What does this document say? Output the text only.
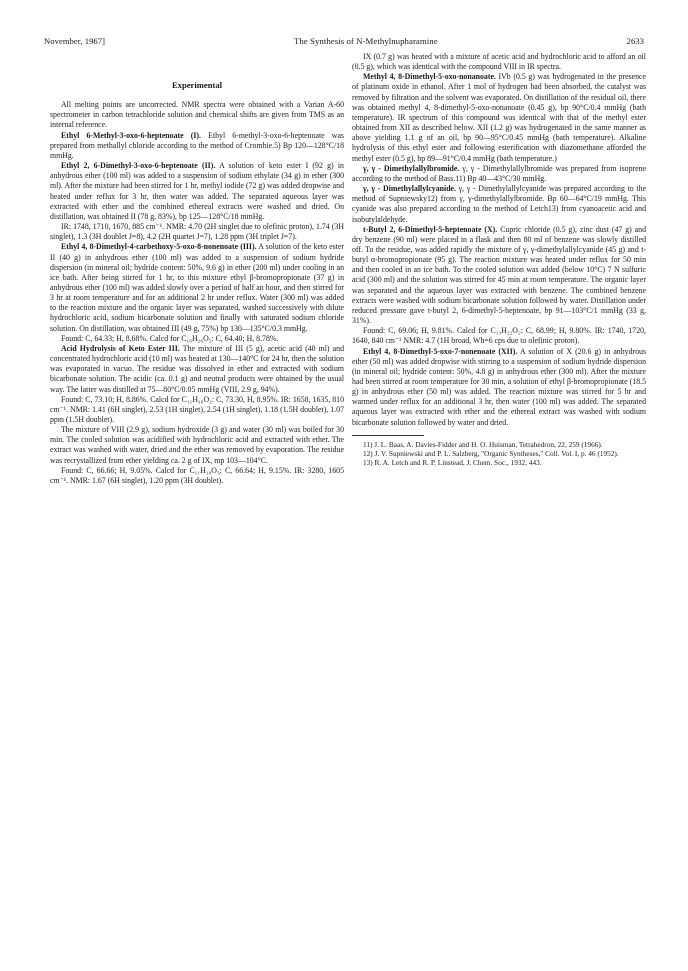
November, 1967]	The Synthesis of N-Methylnupharamine	2633
Experimental

All melting points are uncorrected. NMR spectra were obtained with a Varian A-60 spectrometer in carbon tetrachloride solution and chemical shifts are given from TMS as an internal reference.

Ethyl 6-Methyl-3-oxo-6-heptenoate (I). Ethyl 6-methyl-3-oxo-6-heptenoate was prepared from methallyl chloride according to the method of Crombie.5) Bp 120—128°C/18 mmHg.

Ethyl 2, 6-Dimethyl-3-oxo-6-heptenoate (II). A solution of keto ester I (92 g) in anhydrous ether (100 ml) was added to a suspension of sodium ethylate (34 g) in ether (300 ml). After the mixture had been stirred for 1 hr, methyl iodide (72 g) was added dropwise and heated under reflux for 3 hr, then water was added. The separated aqueous layer was extracted with ether and the combined ethereal extracts were washed and dried. On distillation, was obtained II (78 g, 83%), bp 125—128°C/18 mmHg.

IR: 1748, 1710, 1670, 885 cm⁻¹. NMR: 4.70 (2H singlet due to olefinic proton), 1.74 (3H singlet), 1.3 (3H doublet J=8), 4.2 (2H quartet J=7), 1.28 ppm (3H triplet J=7).

Ethyl 4, 8-Dimethyl-4-carbethoxy-5-oxo-8-nonenoate (III). A solution of the keto ester II (40 g) in anhydrous ether (100 ml) was added to a suspension of sodium hydride dispersion (in mineral oil; hydride content: 50%, 9.6 g) in ether (200 ml) under cooling in an ice bath. After being stirred for 1 hr, to this mixture ethyl β-bromopropionate (37 g) in anhydrous ether (100 ml) was added slowly over a period of half an hour, and then stirred for 3 hr at room temperature and for an additional 2 hr under reflux. Water (300 ml) was added to the reaction mixture and the organic layer was separated, washed successively with dilute hydrochloric acid, sodium bicarbonate solution and finally with saturated sodium chloride solution. On distillation, was obtained III (49 g, 75%) bp 130—135°C/0.3 mmHg.

Found: C, 64.33; H, 8.68%. Calcd for C₁₆H₂₆O₅: C, 64.40; H, 8.78%.

Acid Hydrolysis of Keto Ester III. The mixture of III (5 g), acetic acid (40 ml) and concentrated hydrochloric acid (10 ml) was heated at 130—140°C for 24 hr, then the solution was evaporated in vacuo. The residue was dissolved in ether and extracted with sodium bicarbonate solution. The acidic (ca. 0.1 g) and neutral products were obtained by the usual way. The latter was distilled at 75—80°C/0.05 mmHg (VIII, 2.9 g, 94%).

Found: C, 73.10; H, 8.86%. Calcd for C₁₁H₁₆O₂: C, 73.30, H, 8.95%. IR: 1658, 1635, 810 cm⁻¹. NMR: 1.41 (6H singlet), 2.53 (1H singlet), 2.54 (1H singlet), 1.18 (1.5H doublet), 1.07 ppm (1.5H doublet).

The mixture of VIII (2.9 g), sodium hydroxide (3 g) and water (30 ml) was boiled for 30 min. The cooled solution was acidified with hydrochloric acid and extracted with ether. The extract was washed with water, dried and the ether was removed by evaporation. The residue was recrystallized from ether yielding ca. 2 g of IX, mp 103—104°C.

Found: C, 66.66; H, 9.05%. Calcd for C₁₁H₁₈O₃: C, 66.64; H, 9.15%. IR: 3280, 1605 cm⁻¹. NMR: 1.67 (6H singlet), 1.20 ppm (3H doublet).

IX (0.7 g) was heated with a mixture of acetic acid and hydrochloric acid to afford an oil (0.5 g), which was identical with the compound VIII in IR spectra.

Methyl 4, 8-Dimethyl-5-oxo-nonanoate. IVb (0.5 g) was hydrogenated in the presence of platinum oxide in ethanol. After 1 mol of hydrogen had been absorbed, the catalyst was removed by filtration and the solvent was evaporated. On distillation of the residual oil, there was obtained methyl 4, 8-dimethyl-5-oxo-nonanoate (0.45 g), bp 90°C/0.4 mmHg (bath temperature). IR spectrum of this compound was identical with that of the methyl ester obtained from XII as described below. XII (1.2 g) was hydrogenated in the same manner as above yielding 1.1 g of an oil, bp 90—95°C/0.45 mmHg (bath temperature). Alkaline hydrolysis of this ethyl ester and following esterification with diazomethane afforded the methyl ester (0.5 g), bp 89—91°C/0.4 mmHg (bath temperature.)

γ, γ - Dimethylallylbromide. γ, γ - Dimethylallylbromide was prepared from isoprene according to the method of Bass.11) Bp 40—43°C/30 mmHg.

γ, γ - Dimethylallylcyanide. γ, γ - Dimethylallylcyanide was prepared according to the method of Supniewsky12) from γ, γ-dimethylallylbromide. Bp 60—64°C/19 mmHg. This cyanide was also prepared according to the method of Letch13) from cyanoacetic acid and isobutylaldehyde.

t-Butyl 2, 6-Dimethyl-5-heptenoate (X). Cupric chloride (0.5 g), zinc dust (47 g) and dry benzene (90 ml) were placed in a flask and then 80 ml of benzene was slowly distilled off. To the residue, was added rapidly the mixture of γ, γ-dimethylallylcyanide (45 g) and t-butyl α-bromopropionate (95 g). The reaction mixture was heated under reflux for 50 min and then cooled in an ice bath. To the cooled solution was added (below 10°C) 7 N sulfuric acid (300 ml) and the solution was stirred for 45 min at room temperature. The organic layer was separated and the aqueous layer was extracted with benzene. The combined benzene extracts were washed with sodium bicarbonate solution followed by water. Distillation under reduced pressure gave t-butyl 2, 6-dimethyl-5-heptenoate, bp 91—103°C/1 mmHg (33 g, 31%).

Found: C, 69.06; H, 9.81%. Calcd for C₁₃H₂₂O₂: C, 68.99; H, 9.80%. IR: 1740, 1720, 1640, 840 cm⁻¹ NMR: 4.7 (1H broad, Wh=6 cps due to olefinic proton).

Ethyl 4, 8-Dimethyl-5-oxo-7-nonenoate (XII). A solution of X (20.6 g) in anhydrous ether (50 ml) was added dropwise with stirring to a suspension of sodium hydride dispersion (in mineral oil; hydride content: 50%, 4.8 g) in anhydrous ether (300 ml). After the mixture had been stirred at room temperature for 30 min, a solution of ethyl β-bromopropionate (18.5 g) in anhydrous ether (50 ml) was added. The reaction mixture was stirred for 5 hr and warmed under reflux for an additional 3 hr, then water (100 ml) was added. The separated aqueous layer was extracted with ether and the ethereal extract was washed with sodium bicarbonate solution followed by water and dried.

11) J. L. Baas, A. Davies-Fidder and H. O. Huisman, Tetrahedron, 22, 259 (1966).

12) J. V. Supniewski and P. L. Salzberg, "Organic Syntheses," Coll. Vol. I, p. 46 (1952).

13) R. A. Letch and R. P. Linstead, J. Chem. Soc., 1932, 443.
